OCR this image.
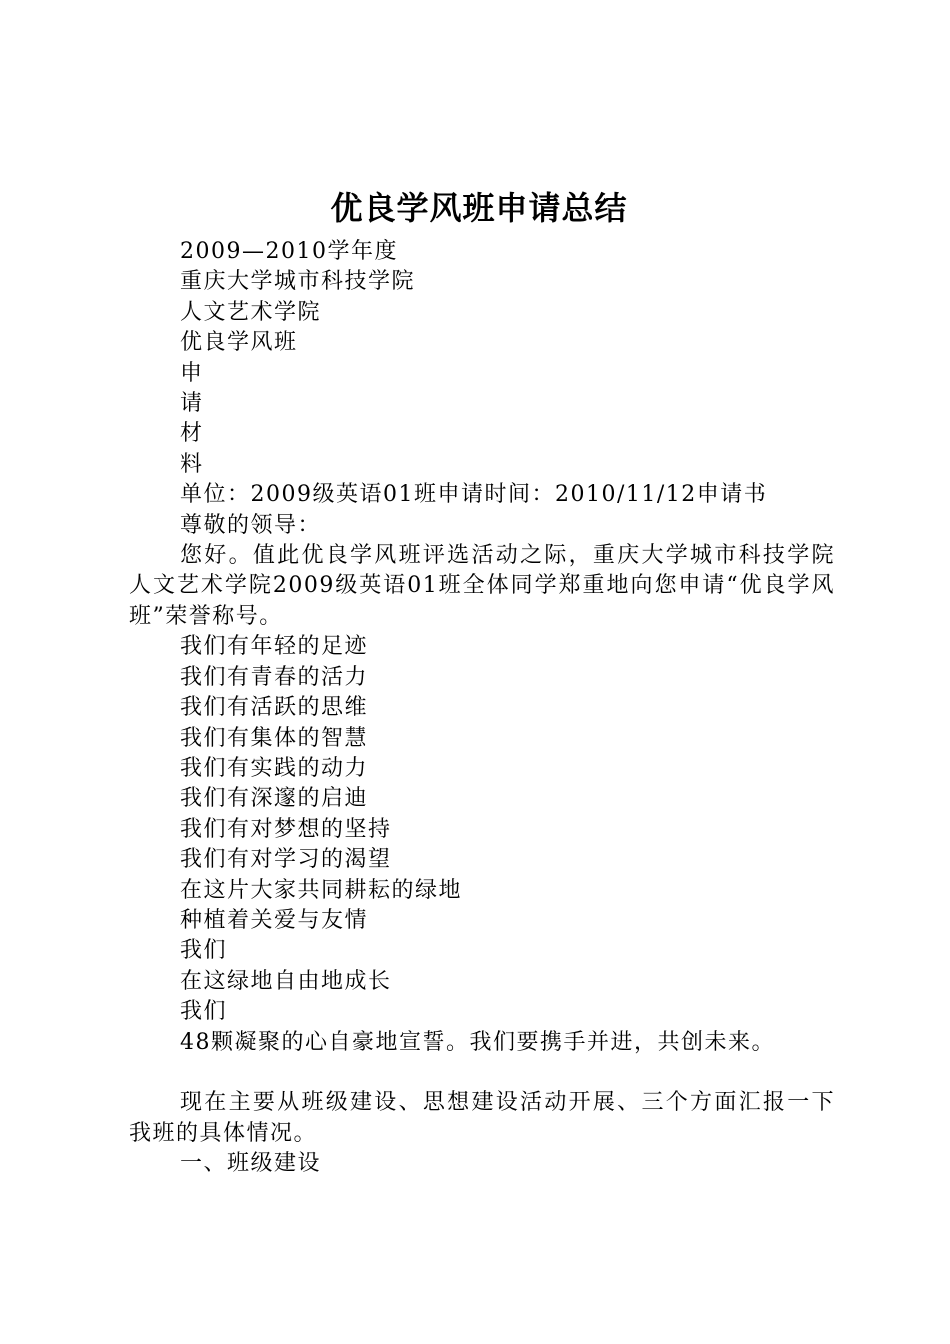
优良学风班申请总结
2009—2010学年度
重庆大学城市科技学院
人文艺术学院
优良学风班
申
请
材
料
单位：2009级英语01班申请时间：2010/11/12申请书
尊敬的领导：

您好。值此优良学风班评选活动之际，重庆大学城市科技学院人文艺术学院2009级英语01班全体同学郑重地向您申请“优良学风班”荣誉称号。

我们有年轻的足迹
我们有青春的活力
我们有活跃的思维
我们有集体的智慧
我们有实践的动力
我们有深邃的启迪
我们有对梦想的坚持
我们有对学习的渴望
在这片大家共同耕耘的绿地
种植着关爱与友情
我们
在这绿地自由地成长
我们
48颗凝聚的心自豪地宣誓。我们要携手并进，共创未来。

现在主要从班级建设、思想建设活动开展、三个方面汇报一下我班的具体情况。

一、班级建设
